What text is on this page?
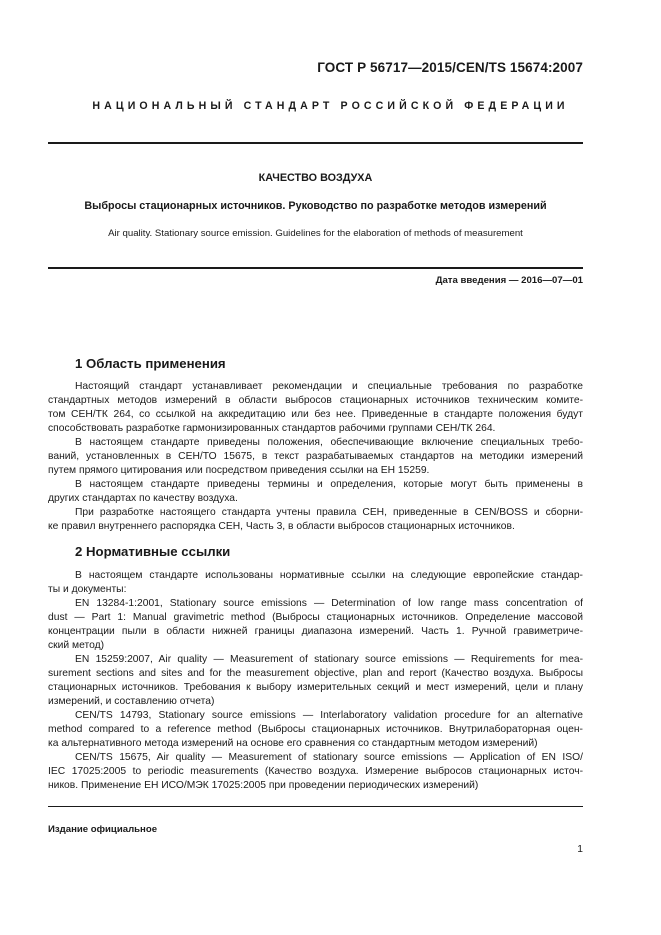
ГОСТ Р 56717—2015/CEN/TS 15674:2007
НАЦИОНАЛЬНЫЙ СТАНДАРТ РОССИЙСКОЙ ФЕДЕРАЦИИ
КАЧЕСТВО ВОЗДУХА
Выбросы стационарных источников. Руководство по разработке методов измерений
Air quality. Stationary source emission. Guidelines for the elaboration of methods of measurement
Дата введения — 2016—07—01
1 Область применения
Настоящий стандарт устанавливает рекомендации и специальные требования по разработке
стандартных методов измерений в области выбросов стационарных источников техническим комите-
том СЕН/ТК 264, со ссылкой на аккредитацию или без нее. Приведенные в стандарте положения будут
способствовать разработке гармонизированных стандартов рабочими группами СЕН/ТК 264.
В настоящем стандарте приведены положения, обеспечивающие включение специальных требо-
ваний, установленных в СЕН/ТО 15675, в текст разрабатываемых стандартов на методики измерений
путем прямого цитирования или посредством приведения ссылки на ЕН 15259.
В настоящем стандарте приведены термины и определения, которые могут быть применены в
других стандартах по качеству воздуха.
При разработке настоящего стандарта учтены правила СЕН, приведенные в CEN/BOSS и сборни-
ке правил внутреннего распорядка СЕН, Часть 3, в области выбросов стационарных источников.
2 Нормативные ссылки
В настоящем стандарте использованы нормативные ссылки на следующие европейские стандар-
ты и документы:
EN 13284-1:2001, Stationary source emissions — Determination of low range mass concentration of
dust — Part 1: Manual gravimetric method (Выбросы стационарных источников. Определение массовой
концентрации пыли в области нижней границы диапазона измерений. Часть 1. Ручной гравиметриче-
ский метод)
EN 15259:2007, Air quality — Measurement of stationary source emissions — Requirements for mea-
surement sections and sites and for the measurement objective, plan and report (Качество воздуха. Выбросы
стационарных источников. Требования к выбору измерительных секций и мест измерений, цели и плану
измерений, и составлению отчета)
CEN/TS 14793, Stationary source emissions — Interlaboratory validation procedure for an alternative
method compared to a reference method (Выбросы стационарных источников. Внутрилабораторная оцен-
ка альтернативного метода измерений на основе его сравнения со стандартным методом измерений)
CEN/TS 15675, Air quality — Measurement of stationary source emissions — Application of EN ISO/
IEC 17025:2005 to periodic measurements (Качество воздуха. Измерение выбросов стационарных источ-
ников. Применение ЕН ИСО/МЭК 17025:2005 при проведении периодических измерений)
Издание официальное
1
